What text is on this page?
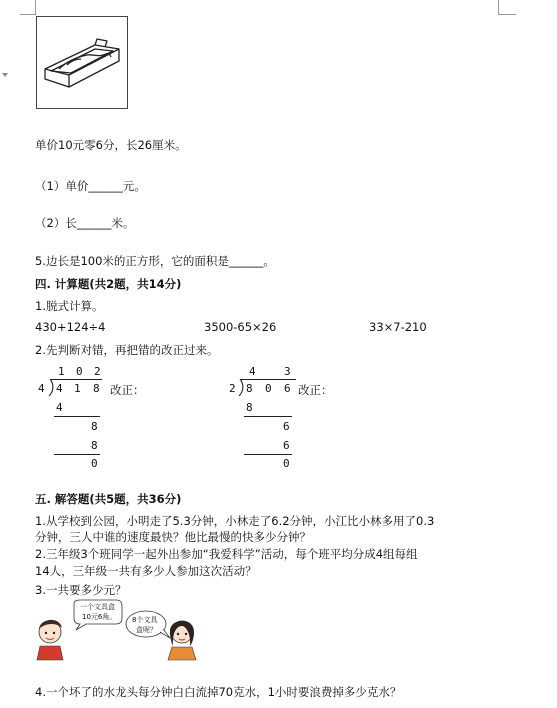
单价10元零6分，长26厘米。
（1）单价______元。
（2）长______米。
5.边长是100米的正方形，它的面积是______。
四. 计算题(共2题，共14分)
1.脱式计算。
430+124÷4	3500-65×26	33×7-210
2.先判断对错，再把错的改正过来。
1 0 2
4 4 1 8 改正：
4
8
8
0
4	3
2 8 0 6 改正：
8
6
6
0
五. 解答题(共5题，共36分)
1.从学校到公园，小明走了5.3分钟，小林走了6.2分钟，小江比小林多用了0.3
分钟，三人中谁的速度最快？他比最慢的快多少分钟？
2.三年级3个班同学一起外出参加“我爱科学”活动，每个班平均分成4组每组
14人，三年级一共有多少人参加这次活动？
3.一共要多少元？
一个文具盒
10元6角。 8个文具
盒呢？
4.一个坏了的水龙头每分钟白白流掉70克水，1小时要浪费掉多少克水？
